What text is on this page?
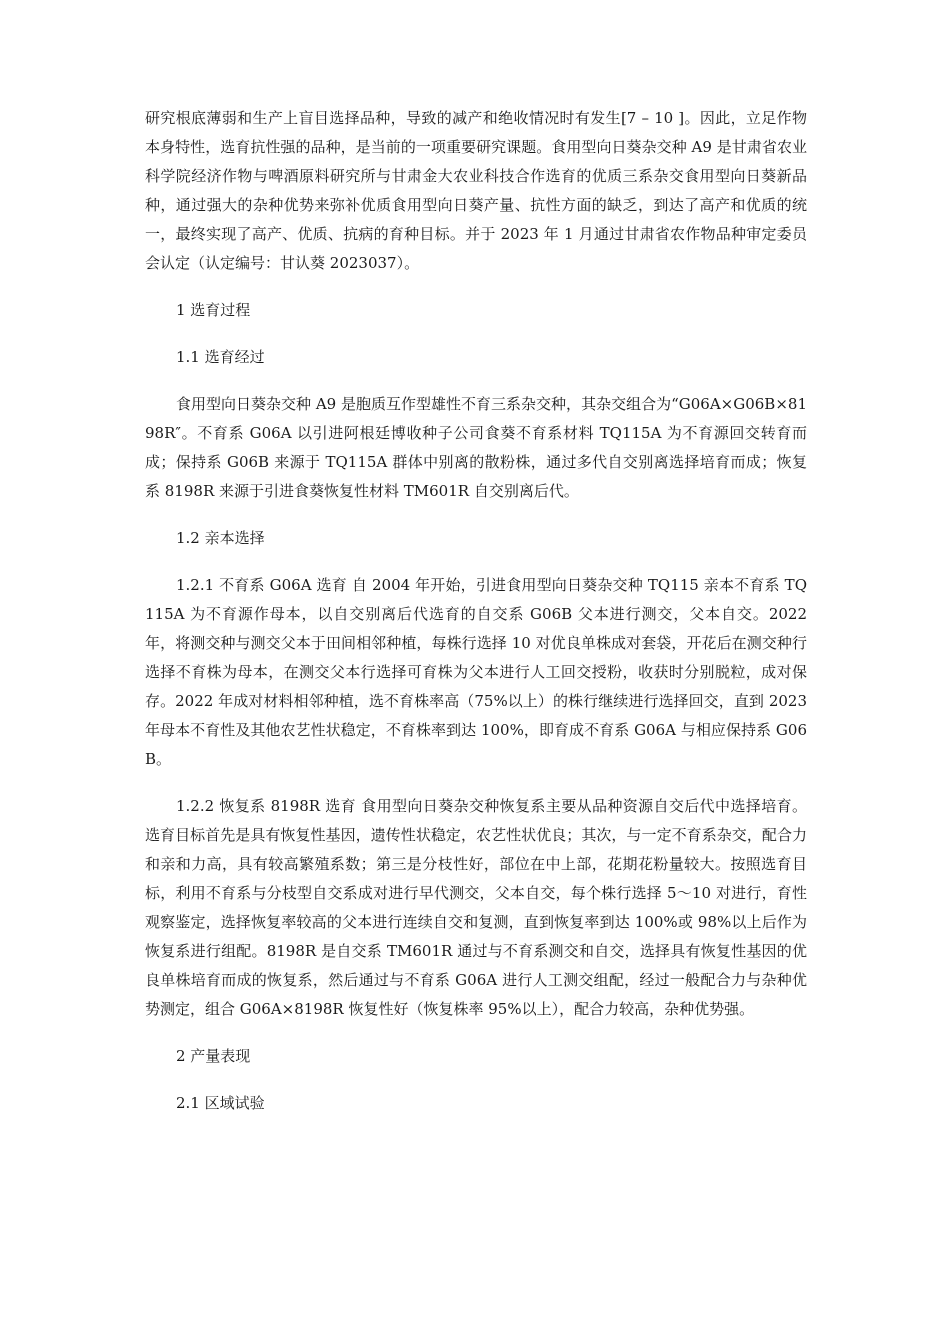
研究根底薄弱和生产上盲目选择品种，导致的减产和绝收情况时有发生[7 – 10 ]。因此，立足作物本身特性，选育抗性强的品种，是当前的一项重要研究课题。食用型向日葵杂交种 A9 是甘肃省农业科学院经济作物与啤酒原料研究所与甘肃金大农业科技合作选育的优质三系杂交食用型向日葵新品种，通过强大的杂种优势来弥补优质食用型向日葵产量、抗性方面的缺乏，到达了高产和优质的统一，最终实现了高产、优质、抗病的育种目标。并于 2023 年 1 月通过甘肃省农作物品种审定委员会认定（认定编号：甘认葵 2023037）。

1 选育过程

1.1 选育经过

食用型向日葵杂交种 A9 是胞质互作型雄性不育三系杂交种，其杂交组合为“G06A×G06B×8198R″。不育系 G06A 以引进阿根廷博收种子公司食葵不育系材料 TQ115A 为不育源回交转育而成；保持系 G06B 来源于 TQ115A 群体中别离的散粉株，通过多代自交别离选择培育而成；恢复系 8198R 来源于引进食葵恢复性材料 TM601R 自交别离后代。

1.2 亲本选择

1.2.1 不育系 G06A 选育 自 2004 年开始，引进食用型向日葵杂交种 TQ115 亲本不育系 TQ115A 为不育源作母本，以自交别离后代选育的自交系 G06B 父本进行测交，父本自交。2022 年，将测交种与测交父本于田间相邻种植，每株行选择 10 对优良单株成对套袋，开花后在测交种行选择不育株为母本，在测交父本行选择可育株为父本进行人工回交授粉，收获时分别脱粒，成对保存。2022 年成对材料相邻种植，选不育株率高（75%以上）的株行继续进行选择回交，直到 2023 年母本不育性及其他农艺性状稳定，不育株率到达 100%，即育成不育系 G06A 与相应保持系 G06B。

1.2.2 恢复系 8198R 选育 食用型向日葵杂交种恢复系主要从品种资源自交后代中选择培育。选育目标首先是具有恢复性基因，遗传性状稳定，农艺性状优良；其次，与一定不育系杂交，配合力和亲和力高，具有较高繁殖系数；第三是分枝性好，部位在中上部，花期花粉量较大。按照选育目标，利用不育系与分枝型自交系成对进行早代测交，父本自交，每个株行选择 5～10 对进行，育性观察鉴定，选择恢复率较高的父本进行连续自交和复测，直到恢复率到达 100%或 98%以上后作为恢复系进行组配。8198R 是自交系 TM601R 通过与不育系测交和自交，选择具有恢复性基因的优良单株培育而成的恢复系，然后通过与不育系 G06A 进行人工测交组配，经过一般配合力与杂种优势测定，组合 G06A×8198R 恢复性好（恢复株率 95%以上），配合力较高，杂种优势强。

2 产量表现

2.1 区域试验
